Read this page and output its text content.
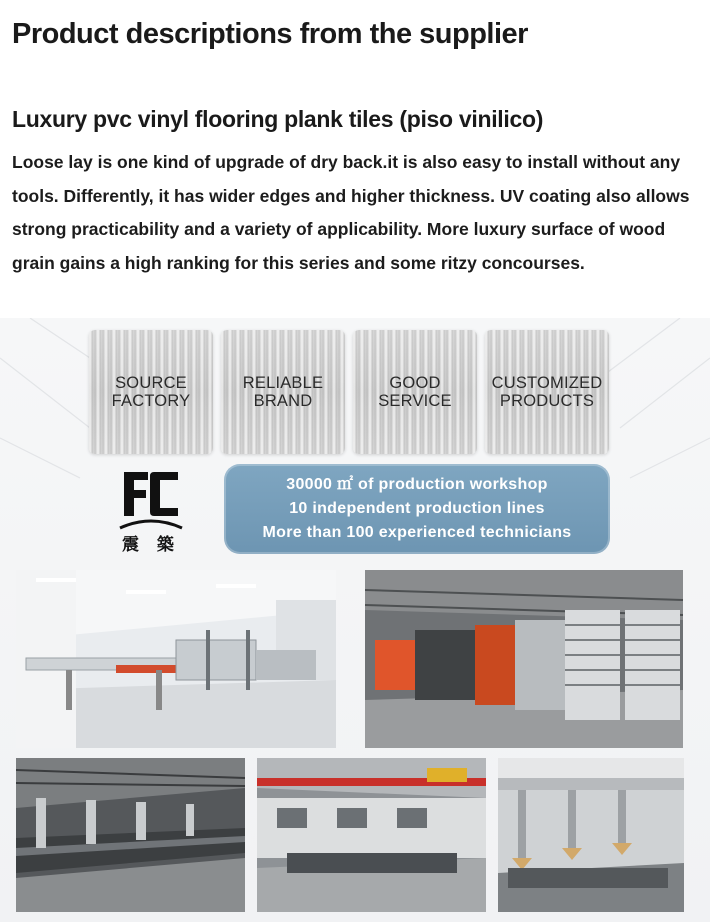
Product descriptions from the supplier
Luxury pvc vinyl flooring plank tiles (piso vinilico)

Loose lay is one kind of upgrade of dry back.it is also easy to install without any tools. Differently, it has wider edges and higher thickness. UV coating also allows strong practicability and a variety of applicability. More luxury surface of wood grain gains a high ranking for this series and some ritzy concourses.

SOURCE
FACTORY
RELIABLE
BRAND
GOOD
SERVICE
CUSTOMIZED
PRODUCTS
震 築
30000 ㎡ of production workshop
10 independent production lines
More than 100 experienced technicians
